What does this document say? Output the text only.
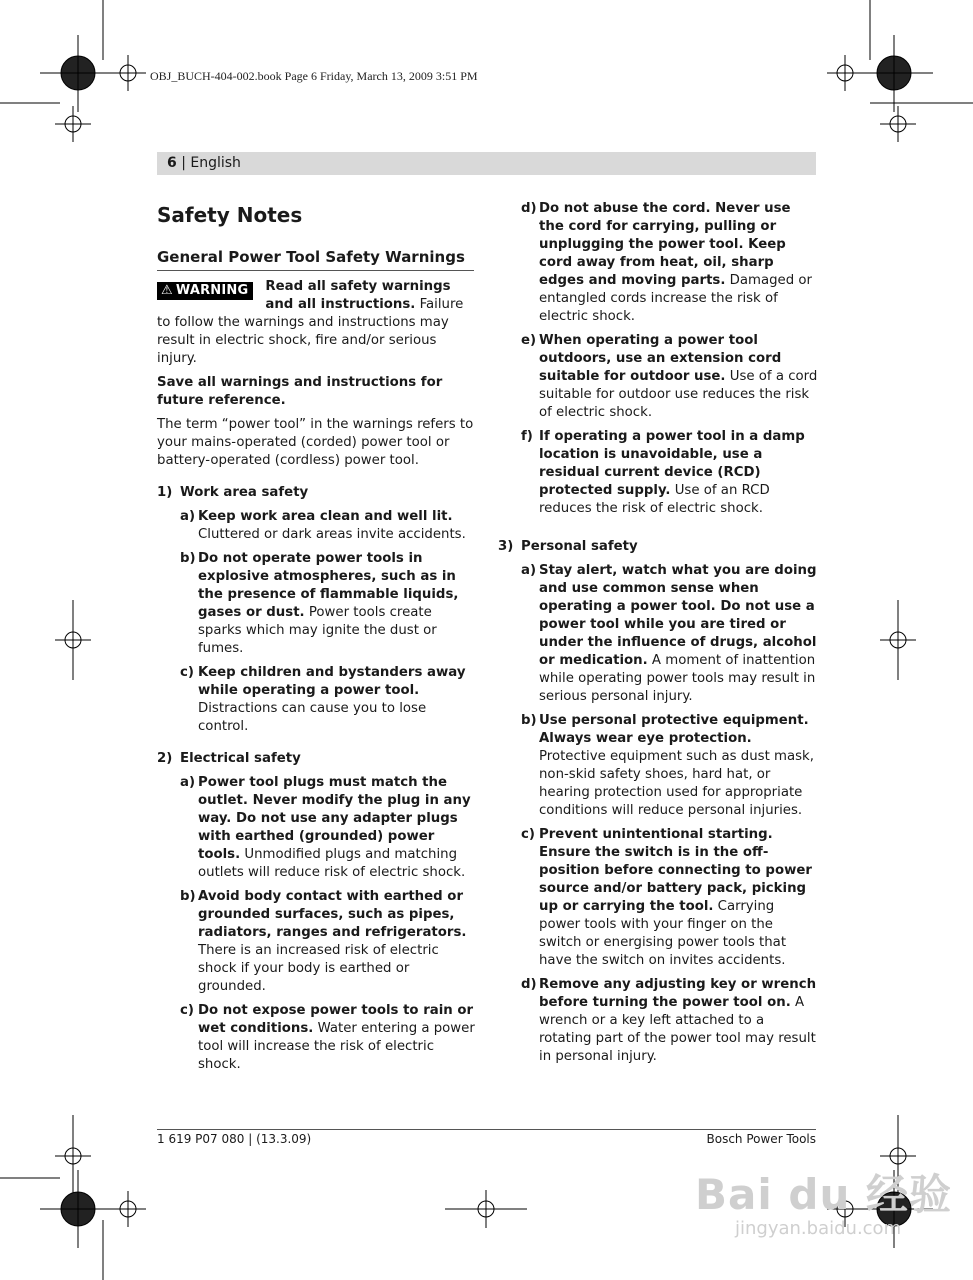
OBJ_BUCH-404-002.book Page 6 Friday, March 13, 2009 3:51 PM
6 | English
Safety Notes
General Power Tool Safety Warnings

⚠ WARNING	Read all safety warnings and all instructions. Failure to follow the warnings and instructions may result in electric shock, fire and/or serious injury.

Save all warnings and instructions for future reference.

The term “power tool” in the warnings refers to your mains-operated (corded) power tool or battery-operated (cordless) power tool.

1) Work area safety
a) Keep work area clean and well lit. Cluttered or dark areas invite accidents.
b) Do not operate power tools in explosive atmospheres, such as in the presence of flammable liquids, gases or dust. Power tools create sparks which may ignite the dust or fumes.
c) Keep children and bystanders away while operating a power tool. Distractions can cause you to lose control.
2) Electrical safety
a) Power tool plugs must match the outlet. Never modify the plug in any way. Do not use any adapter plugs with earthed (grounded) power tools. Unmodified plugs and matching outlets will reduce risk of electric shock.
b) Avoid body contact with earthed or grounded surfaces, such as pipes, radiators, ranges and refrigerators. There is an increased risk of electric shock if your body is earthed or grounded.
c) Do not expose power tools to rain or wet conditions. Water entering a power tool will increase the risk of electric shock.
d) Do not abuse the cord. Never use the cord for carrying, pulling or unplugging the power tool. Keep cord away from heat, oil, sharp edges and moving parts. Damaged or entangled cords increase the risk of electric shock.
e) When operating a power tool outdoors, use an extension cord suitable for outdoor use. Use of a cord suitable for outdoor use reduces the risk of electric shock.
f) If operating a power tool in a damp location is unavoidable, use a residual current device (RCD) protected supply. Use of an RCD reduces the risk of electric shock.
3) Personal safety
a) Stay alert, watch what you are doing and use common sense when operating a power tool. Do not use a power tool while you are tired or under the influence of drugs, alcohol or medication. A moment of inattention while operating power tools may result in serious personal injury.
b) Use personal protective equipment. Always wear eye protection. Protective equipment such as dust mask, non-skid safety shoes, hard hat, or hearing protection used for appropriate conditions will reduce personal injuries.
c) Prevent unintentional starting. Ensure the switch is in the off-position before connecting to power source and/or battery pack, picking up or carrying the tool. Carrying power tools with your finger on the switch or energising power tools that have the switch on invites accidents.
d) Remove any adjusting key or wrench before turning the power tool on. A wrench or a key left attached to a rotating part of the power tool may result in personal injury.
1 619 P07 080 | (13.3.09)	Bosch Power Tools
Bai du 经验
jingyan.baidu.com
